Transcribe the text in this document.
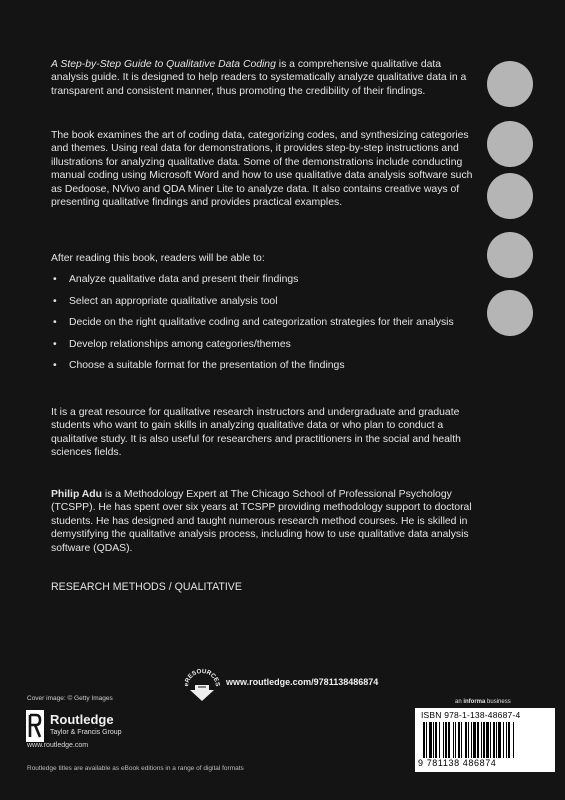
A Step-by-Step Guide to Qualitative Data Coding is a comprehensive qualitative data analysis guide. It is designed to help readers to systematically analyze qualitative data in a transparent and consistent manner, thus promoting the credibility of their findings.
The book examines the art of coding data, categorizing codes, and synthesizing categories and themes. Using real data for demonstrations, it provides step-by-step instructions and illustrations for analyzing qualitative data. Some of the demonstrations include conducting manual coding using Microsoft Word and how to use qualitative data analysis software such as Dedoose, NVivo and QDA Miner Lite to analyze data. It also contains creative ways of presenting qualitative findings and provides practical examples.
After reading this book, readers will be able to:
• Analyze qualitative data and present their findings
• Select an appropriate qualitative analysis tool
• Decide on the right qualitative coding and categorization strategies for their analysis
• Develop relationships among categories/themes
• Choose a suitable format for the presentation of the findings
It is a great resource for qualitative research instructors and undergraduate and graduate students who want to gain skills in analyzing qualitative data or who plan to conduct a qualitative study. It is also useful for researchers and practitioners in the social and health sciences fields.
Philip Adu is a Methodology Expert at The Chicago School of Professional Psychology (TCSPP). He has spent over six years at TCSPP providing methodology support to doctoral students. He has designed and taught numerous research method courses. He is skilled in demystifying the qualitative analysis process, including how to use qualitative data analysis software (QDAS).
RESEARCH METHODS / QUALITATIVE
eRESOURCES www.routledge.com/9781138486874
Cover image: © Getty Images
Routledge
Taylor & Francis Group
www.routledge.com
Routledge titles are available as eBook editions in a range of digital formats
an informa business
ISBN 978-1-138-48687-4
9 781138 486874
